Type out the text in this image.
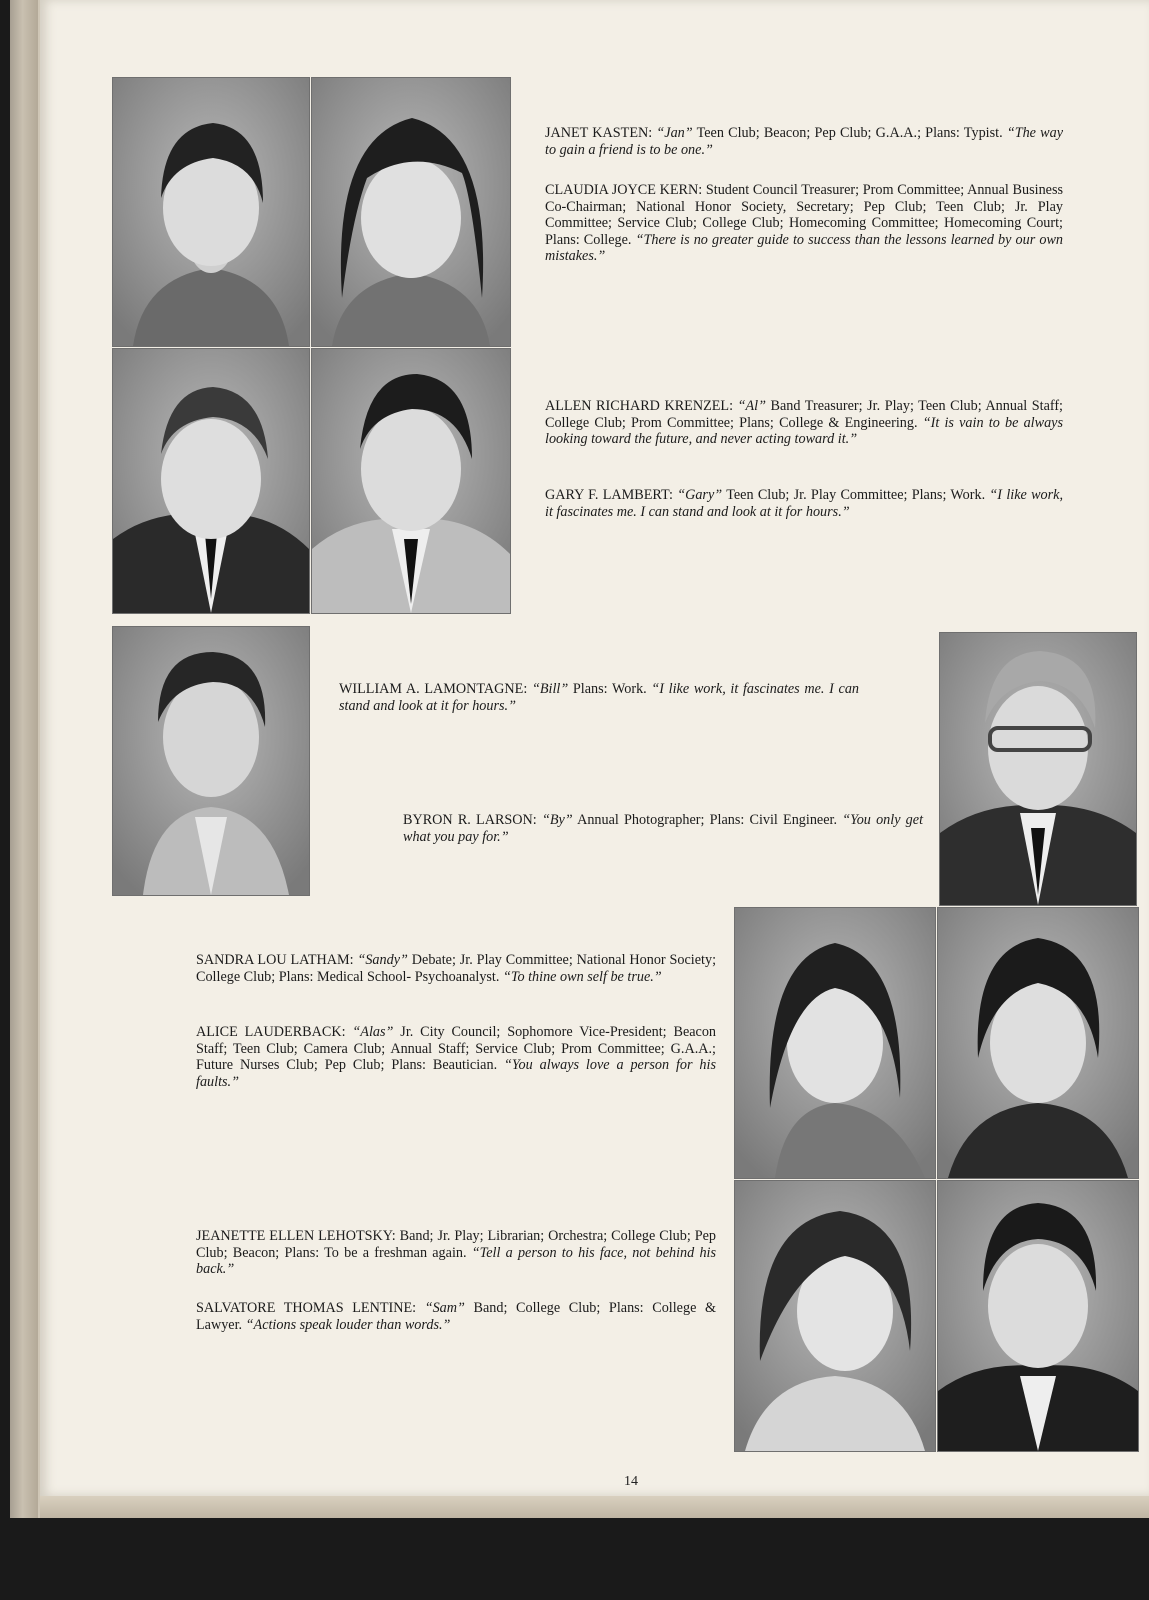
JANET KASTEN: “Jan” Teen Club; Beacon; Pep Club; G.A.A.; Plans: Typist. “The way to gain a friend is to be one.”

CLAUDIA JOYCE KERN: Student Council Treasurer; Prom Committee; Annual Business Co-Chairman; National Honor Society, Secretary; Pep Club; Teen Club; Jr. Play Committee; Service Club; College Club; Homecoming Committee; Homecoming Court; Plans: College. “There is no greater guide to success than the lessons learned by our own mistakes.”

ALLEN RICHARD KRENZEL: “Al” Band Treasurer; Jr. Play; Teen Club; Annual Staff; College Club; Prom Committee; Plans; College & Engineering. “It is vain to be always looking toward the future, and never acting toward it.”

GARY F. LAMBERT: “Gary” Teen Club; Jr. Play Committee; Plans; Work. “I like work, it fascinates me. I can stand and look at it for hours.”

WILLIAM A. LAMONTAGNE: “Bill” Plans: Work. “I like work, it fascinates me. I can stand and look at it for hours.”

BYRON R. LARSON: “By” Annual Photographer; Plans: Civil Engineer. “You only get what you pay for.”

SANDRA LOU LATHAM: “Sandy” Debate; Jr. Play Committee; National Honor Society; College Club; Plans: Medical School- Psychoanalyst. “To thine own self be true.”

ALICE LAUDERBACK: “Alas” Jr. City Council; Sophomore Vice-President; Beacon Staff; Teen Club; Camera Club; Annual Staff; Service Club; Prom Committee; G.A.A.; Future Nurses Club; Pep Club; Plans: Beautician. “You always love a person for his faults.”

JEANETTE ELLEN LEHOTSKY: Band; Jr. Play; Librarian; Orchestra; College Club; Pep Club; Beacon; Plans: To be a freshman again. “Tell a person to his face, not behind his back.”

SALVATORE THOMAS LENTINE: “Sam” Band; College Club; Plans: College & Lawyer. “Actions speak louder than words.”

14
